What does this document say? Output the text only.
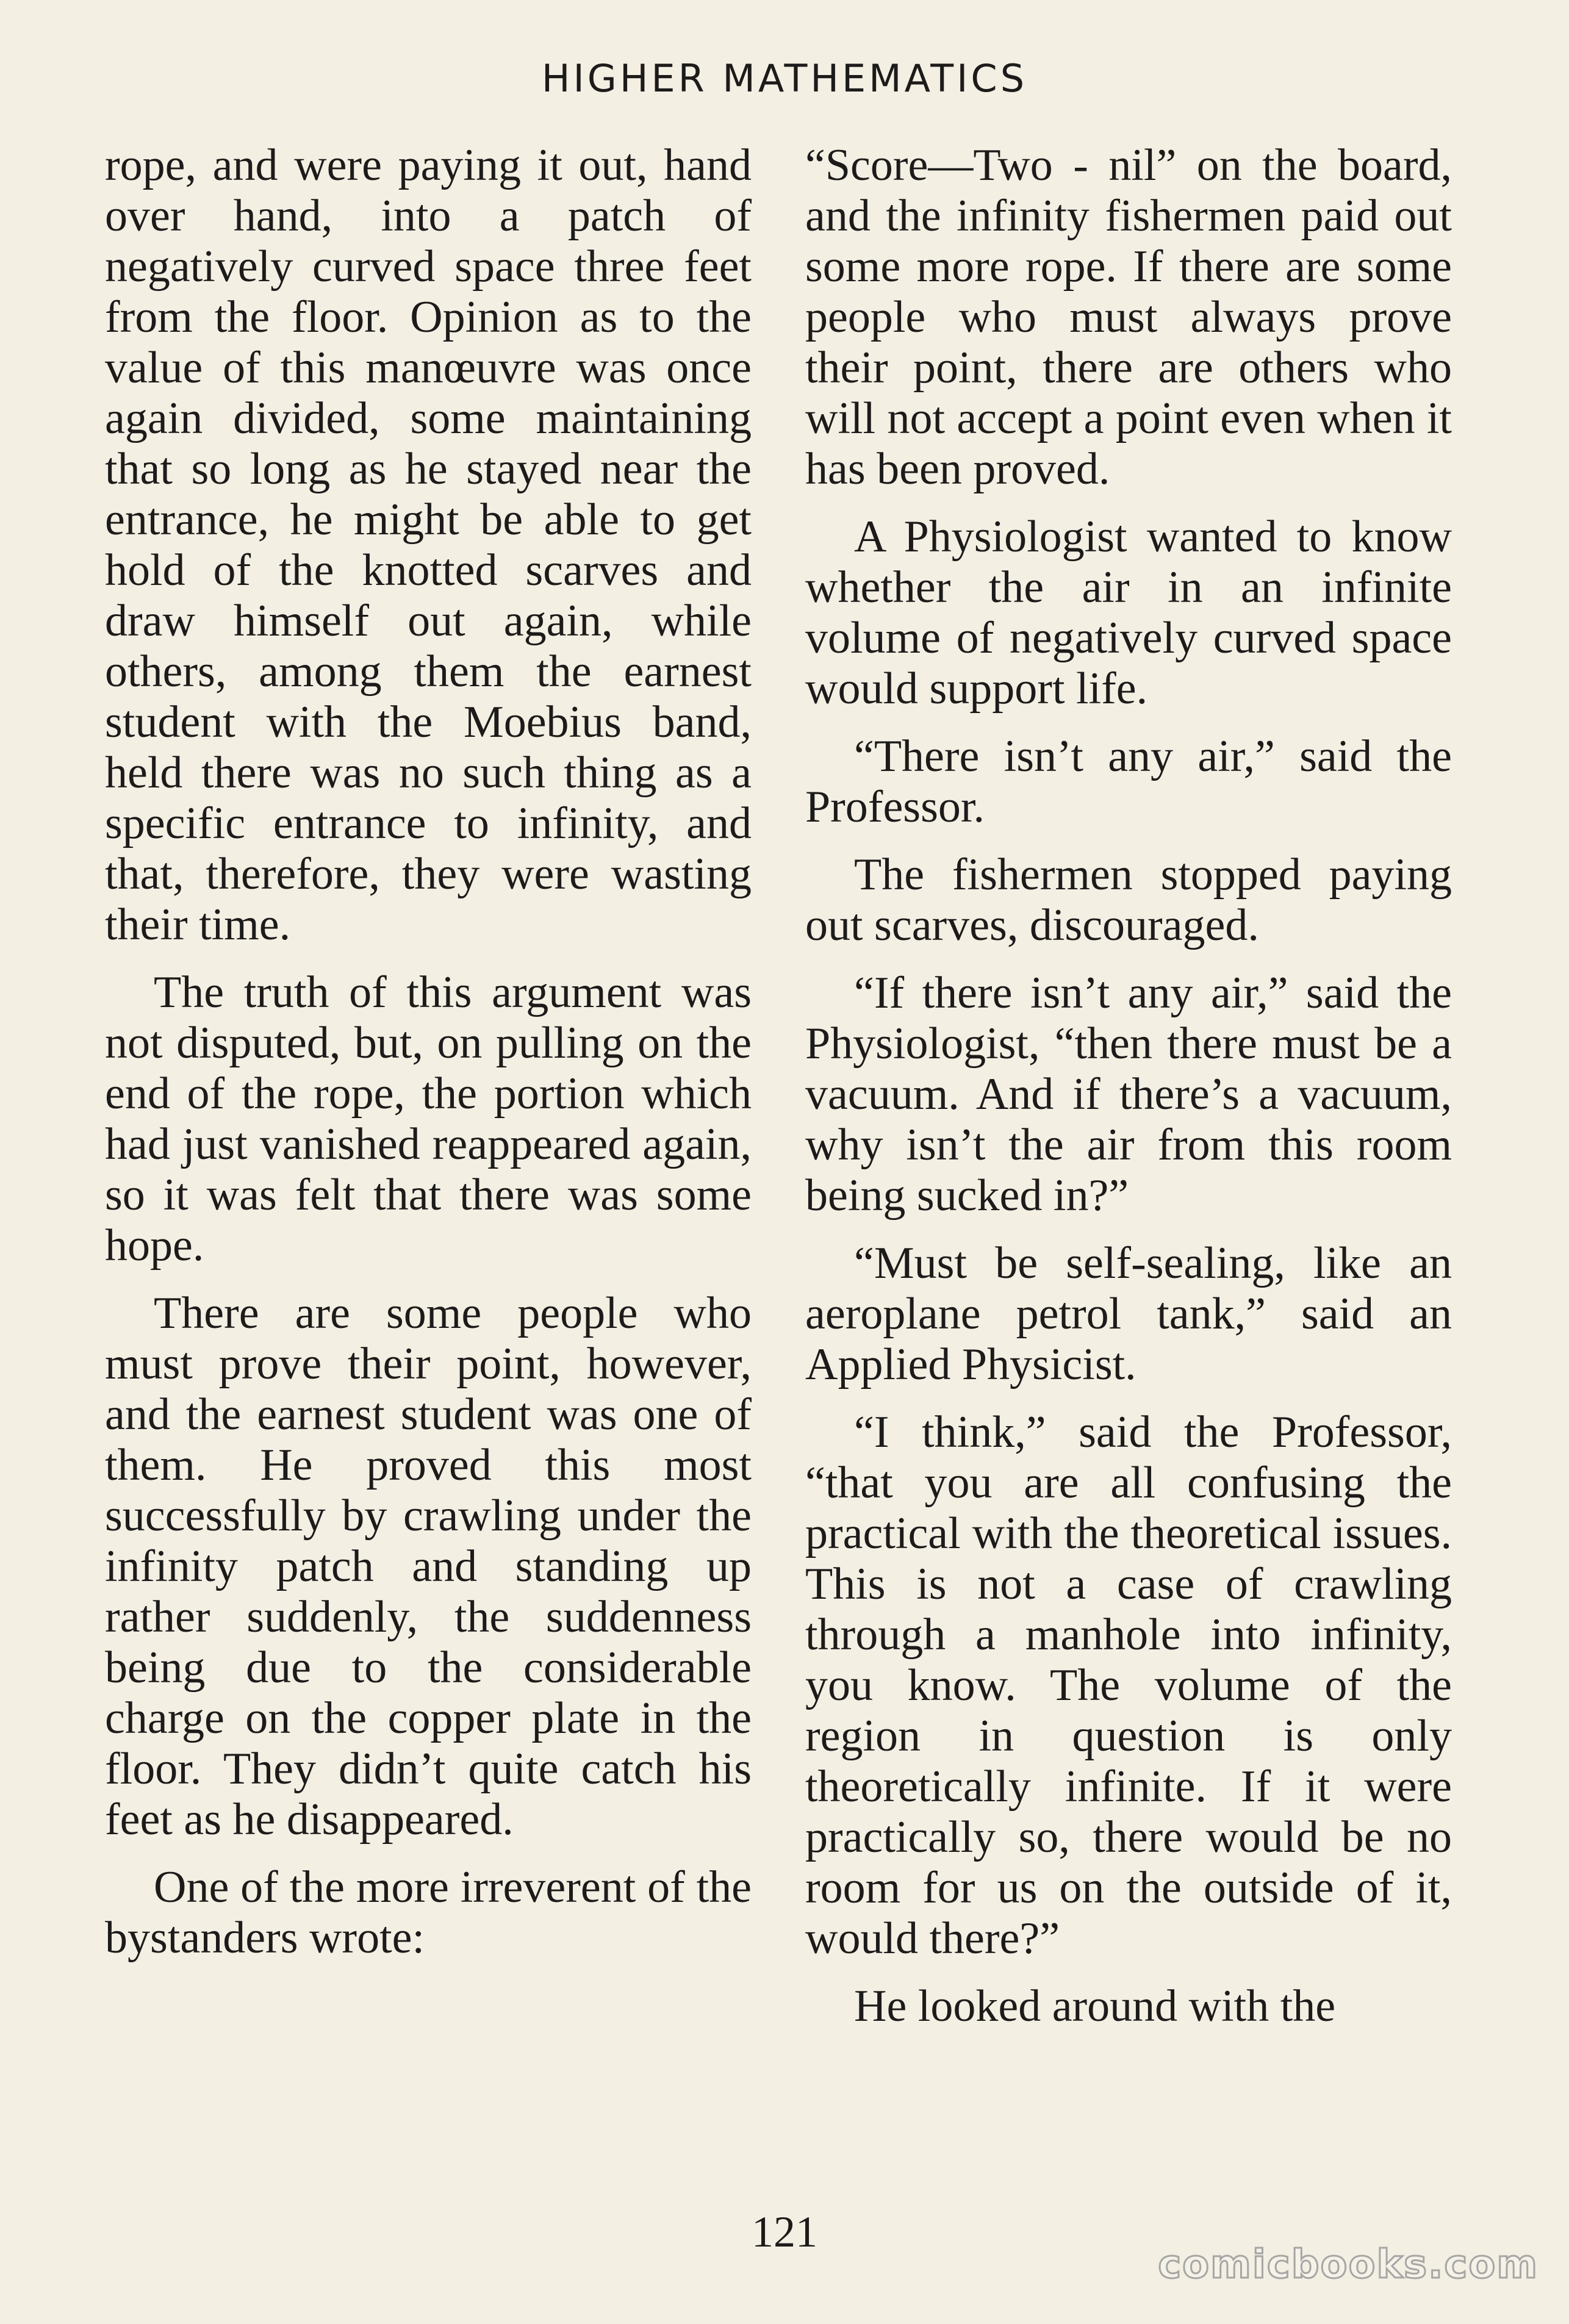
HIGHER MATHEMATICS

rope, and were paying it out, hand over hand, into a patch of negatively curved space three feet from the floor. Opinion as to the value of this manœuvre was once again divided, some maintaining that so long as he stayed near the entrance, he might be able to get hold of the knotted scarves and draw himself out again, while others, among them the earnest student with the Moebius band, held there was no such thing as a specific entrance to infinity, and that, therefore, they were wasting their time.

The truth of this argument was not disputed, but, on pulling on the end of the rope, the portion which had just vanished reappeared again, so it was felt that there was some hope.

There are some people who must prove their point, however, and the earnest student was one of them. He proved this most successfully by crawling under the infinity patch and standing up rather suddenly, the suddenness being due to the considerable charge on the copper plate in the floor. They didn’t quite catch his feet as he disappeared.

One of the more irreverent of the bystanders wrote:

“Score—Two - nil” on the board, and the infinity fishermen paid out some more rope. If there are some people who must always prove their point, there are others who will not accept a point even when it has been proved.

A Physiologist wanted to know whether the air in an infinite volume of negatively curved space would support life.

“There isn’t any air,” said the Professor.

The fishermen stopped paying out scarves, discouraged.

“If there isn’t any air,” said the Physiologist, “then there must be a vacuum. And if there’s a vacuum, why isn’t the air from this room being sucked in?”

“Must be self-sealing, like an aeroplane petrol tank,” said an Applied Physicist.

“I think,” said the Professor, “that you are all confusing the practical with the theoretical issues. This is not a case of crawling through a manhole into infinity, you know. The volume of the region in question is only theoretically infinite. If it were practically so, there would be no room for us on the outside of it, would there?”

He looked around with the

121
comicbooks.com
